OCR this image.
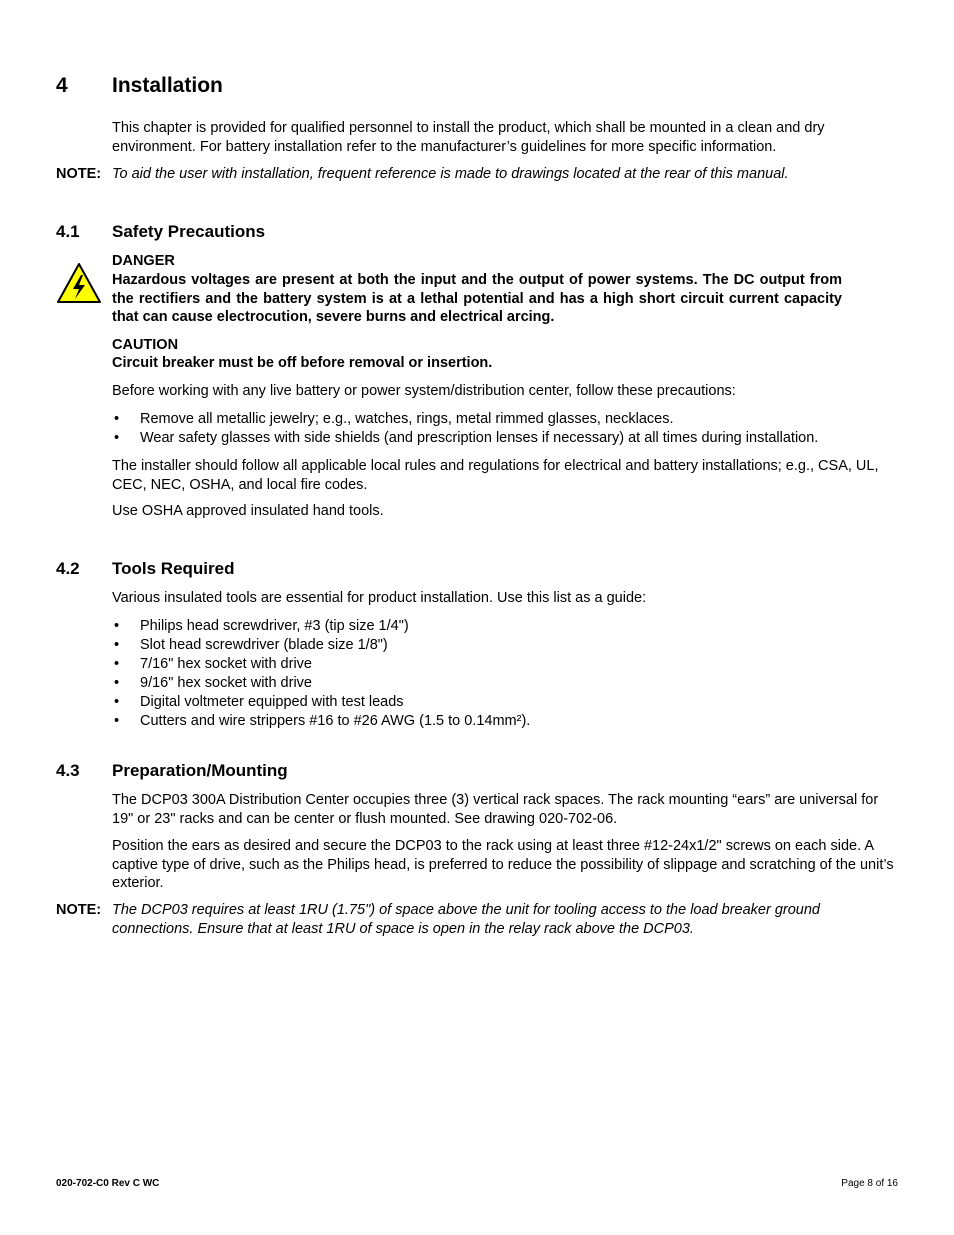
4 Installation
This chapter is provided for qualified personnel to install the product, which shall be mounted in a clean and dry environment. For battery installation refer to the manufacturer’s guidelines for more specific information.
NOTE: To aid the user with installation, frequent reference is made to drawings located at the rear of this manual.
4.1 Safety Precautions
DANGER
Hazardous voltages are present at both the input and the output of power systems. The DC output from the rectifiers and the battery system is at a lethal potential and has a high short circuit current capacity that can cause electrocution, severe burns and electrical arcing.
CAUTION
Circuit breaker must be off before removal or insertion.
Before working with any live battery or power system/distribution center, follow these precautions:
• Remove all metallic jewelry; e.g., watches, rings, metal rimmed glasses, necklaces.
• Wear safety glasses with side shields (and prescription lenses if necessary) at all times during installation.
The installer should follow all applicable local rules and regulations for electrical and battery installations; e.g., CSA, UL, CEC, NEC, OSHA, and local fire codes.
Use OSHA approved insulated hand tools.
4.2 Tools Required
Various insulated tools are essential for product installation. Use this list as a guide:
• Philips head screwdriver, #3 (tip size 1/4")
• Slot head screwdriver (blade size 1/8")
• 7/16" hex socket with drive
• 9/16" hex socket with drive
• Digital voltmeter equipped with test leads
• Cutters and wire strippers #16 to #26 AWG (1.5 to 0.14mm²).
4.3 Preparation/Mounting
The DCP03 300A Distribution Center occupies three (3) vertical rack spaces. The rack mounting “ears” are universal for 19" or 23" racks and can be center or flush mounted. See drawing 020-702-06.
Position the ears as desired and secure the DCP03 to the rack using at least three #12-24x1/2" screws on each side. A captive type of drive, such as the Philips head, is preferred to reduce the possibility of slippage and scratching of the unit’s exterior.
NOTE: The DCP03 requires at least 1RU (1.75") of space above the unit for tooling access to the load breaker ground connections. Ensure that at least 1RU of space is open in the relay rack above the DCP03.
020-702-C0 Rev C WC	Page 8 of 16
